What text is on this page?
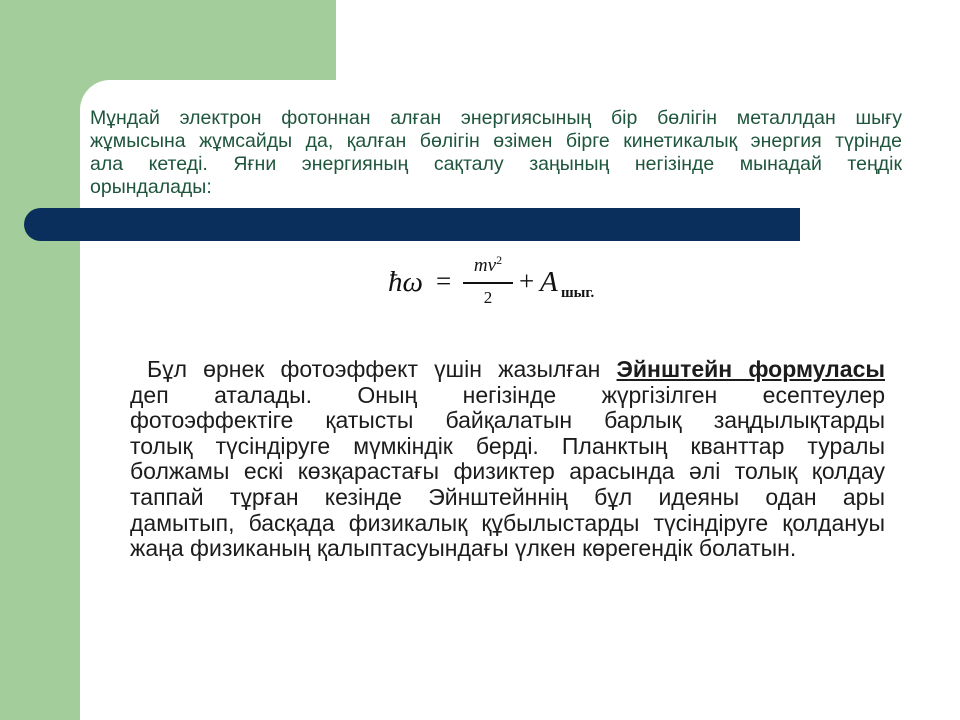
Мұндай электрон фотоннан алған энергиясының бір бөлігін металлдан шығу
жұмысына жұмсайды да, қалған бөлігін өзімен бірге кинетикалық энергия түрінде
ала кетеді. Яғни энергияның сақталу заңының негізінде мынадай теңдік
орындалады:
ħω =
$mv^2$
2
+ A шыг.
Бұл өрнек фотоэффект үшін жазылған Эйнштейн формуласы
деп аталады. Оның негізінде жүргізілген есептеулер
фотоэффектіге қатысты байқалатын барлық заңдылықтарды
толық түсіндіруге мүмкіндік берді. Планктың кванттар туралы
болжамы ескі көзқарастағы физиктер арасында әлі толық қолдау
таппай тұрған кезінде Эйнштейннің бұл идеяны одан ары
дамытып, басқада физикалық құбылыстарды түсіндіруге қолдануы
жаңа физиканың қалыптасуындағы үлкен көрегендік болатын.
